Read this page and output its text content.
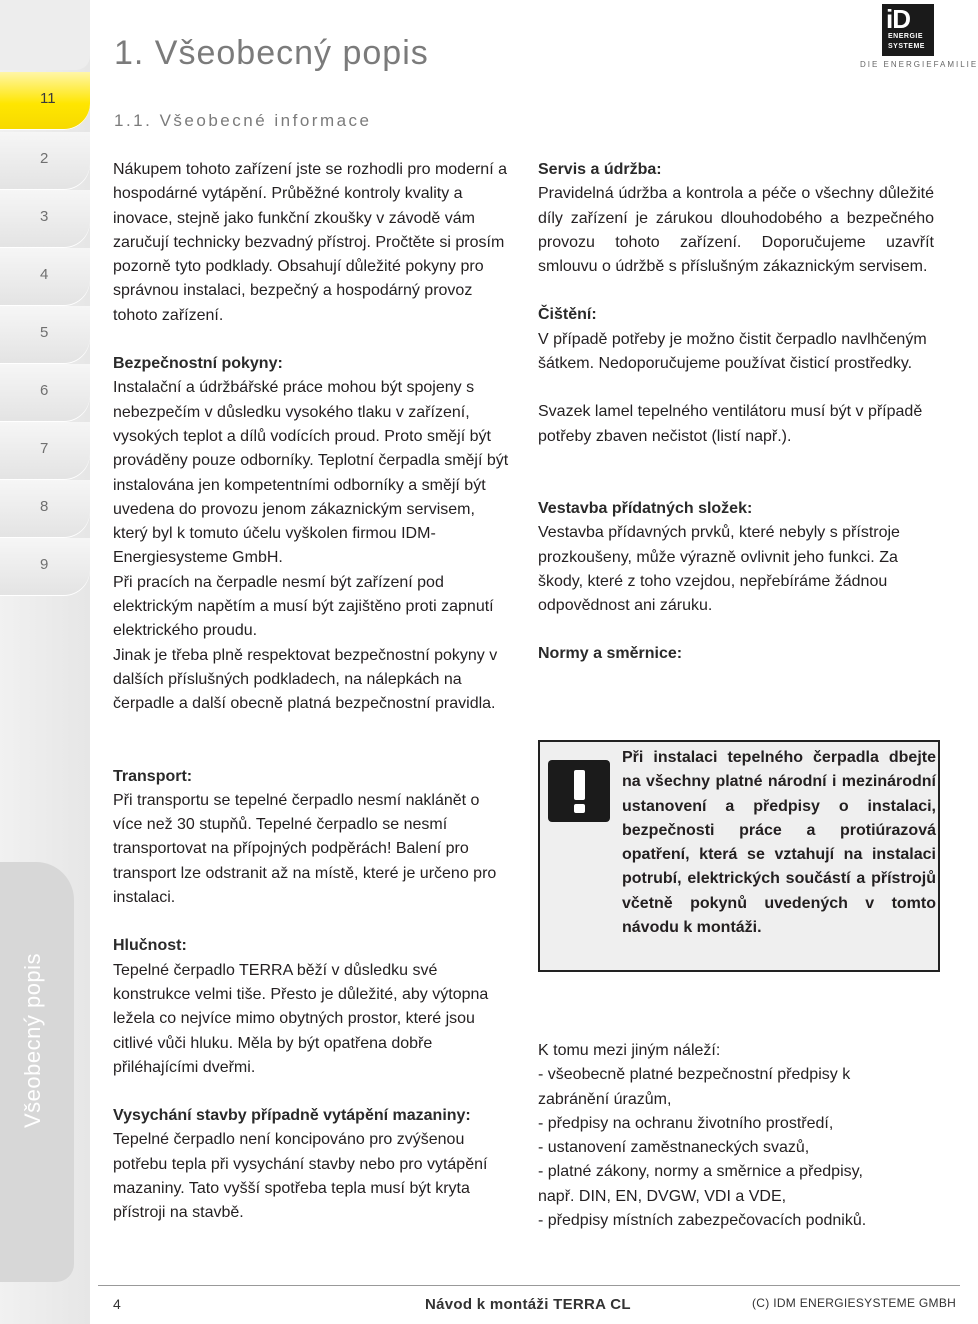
11
2
3
4
5
6
7
8
9
Všeobecný popis
1. Všeobecný popis
1.1. Všeobecné informace
iD
ENERGIE
SYSTEME
DIE ENERGIEFAMILIE

Nákupem tohoto zařízení jste se rozhodli pro moderní a hospodárné vytápění. Průběžné kontroly kvality a inovace, stejně jako funkční zkoušky v závodě vám zaručují technicky bezvadný přístroj. Pročtěte si prosím pozorně tyto podklady. Obsahují důležité pokyny pro správnou instalaci, bezpečný a hospodárný provoz tohoto zařízení.

Bezpečnostní pokyny:

Instalační a údržbářské práce mohou být spojeny s nebezpečím v důsledku vysokého tlaku v zařízení, vysokých teplot a dílů vodících proud. Proto smějí být prováděny pouze odborníky. Teplotní čerpadla smějí být instalována jen kompetentními odborníky a smějí být uvedena do provozu jenom zákaznickým servisem, který byl k tomuto účelu vyškolen firmou IDM-Energiesysteme GmbH.

Při pracích na čerpadle nesmí být zařízení pod elektrickým napětím a musí být zajištěno proti zapnutí elektrického proudu.

Jinak je třeba plně respektovat bezpečnostní pokyny v dalších příslušných podkladech, na nálepkách na čerpadle a další obecně platná bezpečnostní pravidla.

Transport:

Při transportu se tepelné čerpadlo nesmí naklánět o více než 30 stupňů. Tepelné čerpadlo se nesmí transportovat na přípojných podpěrách! Balení pro transport lze odstranit až na místě, které je určeno pro instalaci.

Hlučnost:

Tepelné čerpadlo TERRA běží v důsledku své konstrukce velmi tiše. Přesto je důležité, aby výtopna ležela co nejvíce mimo obytných prostor, které jsou citlivé vůči hluku. Měla by být opatřena dobře přiléhajícími dveřmi.

Vysychání stavby případně vytápění mazaniny:

Tepelné čerpadlo není koncipováno pro zvýšenou potřebu tepla při vysychání stavby nebo pro vytápění mazaniny. Tato vyšší spotřeba tepla musí být kryta přístroji na stavbě.

Servis a údržba:

Pravidelná údržba a kontrola a péče o všechny důležité díly zařízení je zárukou dlouhodobého a bezpečného provozu tohoto zařízení. Doporučujeme uzavřít smlouvu o údržbě s příslušným zákaznickým servisem.

Čištění:

V případě potřeby je možno čistit čerpadlo navlhčeným šátkem. Nedoporučujeme používat čisticí prostředky.

Svazek lamel tepelného ventilátoru musí být v případě potřeby zbaven nečistot (listí např.).

Vestavba přídatných složek:

Vestavba přídavných prvků, které nebyly s přístroje prozkoušeny, může výrazně ovlivnit jeho funkci. Za škody, které z toho vzejdou, nepřebíráme žádnou odpovědnost ani záruku.

Normy a směrnice:

Při instalaci tepelného čerpadla dbejte na všechny platné národní i mezinárodní ustanovení a předpisy o instalaci, bezpečnosti práce a protiúrazová opatření, která se vztahují na instalaci potrubí, elektrických součástí a přístrojů včetně pokynů uvedených v tomto návodu k montáži.

K tomu mezi jiným náleží:

- všeobecně platné bezpečnostní předpisy k zabránění úrazům,

- předpisy na ochranu životního prostředí,

- ustanovení zaměstnaneckých svazů,

- platné zákony, normy a směrnice a předpisy, např. DIN, EN, DVGW, VDI a VDE,

- předpisy místních zabezpečovacích podniků.

4	Návod k montáži TERRA CL	(C) IDM ENERGIESYSTEME GMBH
